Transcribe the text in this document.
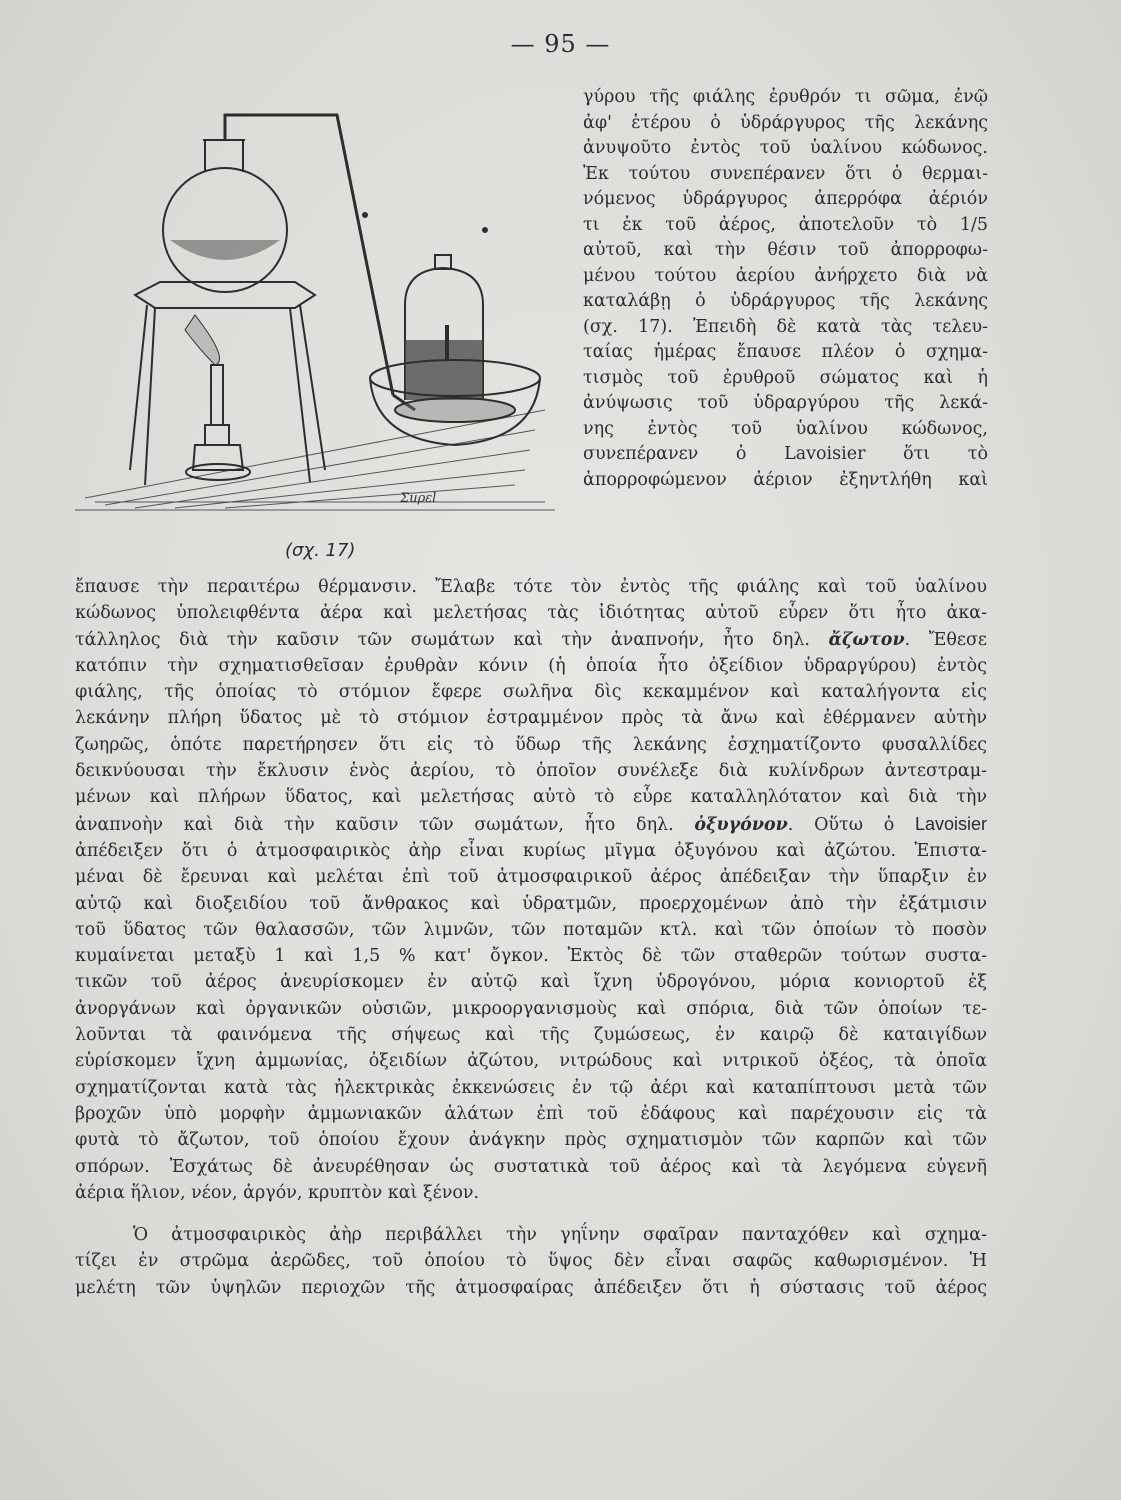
— 95 —
Σuρεl
(σχ. 17)
γύρου τῆς φιάλης ἐρυθρόν τι σῶμα, ἐνῷ
ἀφ' ἑτέρου ὁ ὑδράργυρος τῆς λεκάνης
ἀνυψοῦτο ἐντὸς τοῦ ὑαλίνου κώδωνος.
Ἐκ τούτου συνεπέρανεν ὅτι ὁ θερμαι-
νόμενος ὑδράργυρος ἀπερρόφα ἀέριόν
τι ἐκ τοῦ ἀέρος, ἀποτελοῦν τὸ 1/5
αὐτοῦ, καὶ τὴν θέσιν τοῦ ἀπορροφω-
μένου τούτου ἀερίου ἀνήρχετο διὰ νὰ
καταλάβῃ ὁ ὑδράργυρος τῆς λεκάνης
(σχ. 17). Ἐπειδὴ δὲ κατὰ τὰς τελευ-
ταίας ἡμέρας ἔπαυσε πλέον ὁ σχημα-
τισμὸς τοῦ ἐρυθροῦ σώματος καὶ ἡ
ἀνύψωσις τοῦ ὑδραργύρου τῆς λεκά-
νης ἐντὸς τοῦ ὑαλίνου κώδωνος,
συνεπέρανεν ὁ Lavoisier ὅτι τὸ
ἀπορροφώμενον ἀέριον ἐξηντλήθη καὶ
ἔπαυσε τὴν περαιτέρω θέρμανσιν. Ἔλαβε τότε τὸν ἐντὸς τῆς φιάλης καὶ τοῦ ὑαλίνου
κώδωνος ὑπολειφθέντα ἀέρα καὶ μελετήσας τὰς ἰδιότητας αὐτοῦ εὗρεν ὅτι ἦτο ἀκα-
τάλληλος διὰ τὴν καῦσιν τῶν σωμάτων καὶ τὴν ἀναπνοήν, ἦτο δηλ. ἄζωτον. Ἔθεσε
κατόπιν τὴν σχηματισθεῖσαν ἐρυθρὰν κόνιν (ἡ ὁποία ἦτο ὀξείδιον ὑδραργύρου) ἐντὸς
φιάλης, τῆς ὁποίας τὸ στόμιον ἔφερε σωλῆνα δὶς κεκαμμένον καὶ καταλήγοντα εἰς
λεκάνην πλήρη ὕδατος μὲ τὸ στόμιον ἐστραμμένον πρὸς τὰ ἄνω καὶ ἐθέρμανεν αὐτὴν
ζωηρῶς, ὁπότε παρετήρησεν ὅτι εἰς τὸ ὕδωρ τῆς λεκάνης ἐσχηματίζοντο φυσαλλίδες
δεικνύουσαι τὴν ἔκλυσιν ἑνὸς ἀερίου, τὸ ὁποῖον συνέλεξε διὰ κυλίνδρων ἀντεστραμ-
μένων καὶ πλήρων ὕδατος, καὶ μελετήσας αὐτὸ τὸ εὗρε καταλληλότατον καὶ διὰ τὴν
ἀναπνοὴν καὶ διὰ τὴν καῦσιν τῶν σωμάτων, ἦτο δηλ. ὀξυγόνον. Οὕτω ὁ Lavoisier
ἀπέδειξεν ὅτι ὁ ἀτμοσφαιρικὸς ἀὴρ εἶναι κυρίως μῖγμα ὀξυγόνου καὶ ἀζώτου. Ἐπιστα-
μέναι δὲ ἔρευναι καὶ μελέται ἐπὶ τοῦ ἀτμοσφαιρικοῦ ἀέρος ἀπέδειξαν τὴν ὕπαρξιν ἐν
αὐτῷ καὶ διοξειδίου τοῦ ἄνθρακος καὶ ὑδρατμῶν, προερχομένων ἀπὸ τὴν ἐξάτμισιν
τοῦ ὕδατος τῶν θαλασσῶν, τῶν λιμνῶν, τῶν ποταμῶν κτλ. καὶ τῶν ὁποίων τὸ ποσὸν
κυμαίνεται μεταξὺ 1 καὶ 1,5 % κατ' ὄγκον. Ἐκτὸς δὲ τῶν σταθερῶν τούτων συστα-
τικῶν τοῦ ἀέρος ἀνευρίσκομεν ἐν αὐτῷ καὶ ἴχνη ὑδρογόνου, μόρια κονιορτοῦ ἐξ
ἀνοργάνων καὶ ὀργανικῶν οὐσιῶν, μικροοργανισμοὺς καὶ σπόρια, διὰ τῶν ὁποίων τε-
λοῦνται τὰ φαινόμενα τῆς σήψεως καὶ τῆς ζυμώσεως, ἐν καιρῷ δὲ καταιγίδων
εὑρίσκομεν ἴχνη ἀμμωνίας, ὀξειδίων ἀζώτου, νιτρώδους καὶ νιτρικοῦ ὀξέος, τὰ ὁποῖα
σχηματίζονται κατὰ τὰς ἠλεκτρικὰς ἐκκενώσεις ἐν τῷ ἀέρι καὶ καταπίπτουσι μετὰ τῶν
βροχῶν ὑπὸ μορφὴν ἀμμωνιακῶν ἁλάτων ἐπὶ τοῦ ἐδάφους καὶ παρέχουσιν εἰς τὰ
φυτὰ τὸ ἄζωτον, τοῦ ὁποίου ἔχουν ἀνάγκην πρὸς σχηματισμὸν τῶν καρπῶν καὶ τῶν
σπόρων. Ἐσχάτως δὲ ἀνευρέθησαν ὡς συστατικὰ τοῦ ἀέρος καὶ τὰ λεγόμενα εὐγενῆ
ἀέρια ἥλιον, νέον, ἀργόν, κρυπτὸν καὶ ξένον.
Ὁ ἀτμοσφαιρικὸς ἀὴρ περιβάλλει τὴν γηΐνην σφαῖραν πανταχόθεν καὶ σχημα-
τίζει ἐν στρῶμα ἀερῶδες, τοῦ ὁποίου τὸ ὕψος δὲν εἶναι σαφῶς καθωρισμένον. Ἡ
μελέτη τῶν ὑψηλῶν περιοχῶν τῆς ἀτμοσφαίρας ἀπέδειξεν ὅτι ἡ σύστασις τοῦ ἀέρος
